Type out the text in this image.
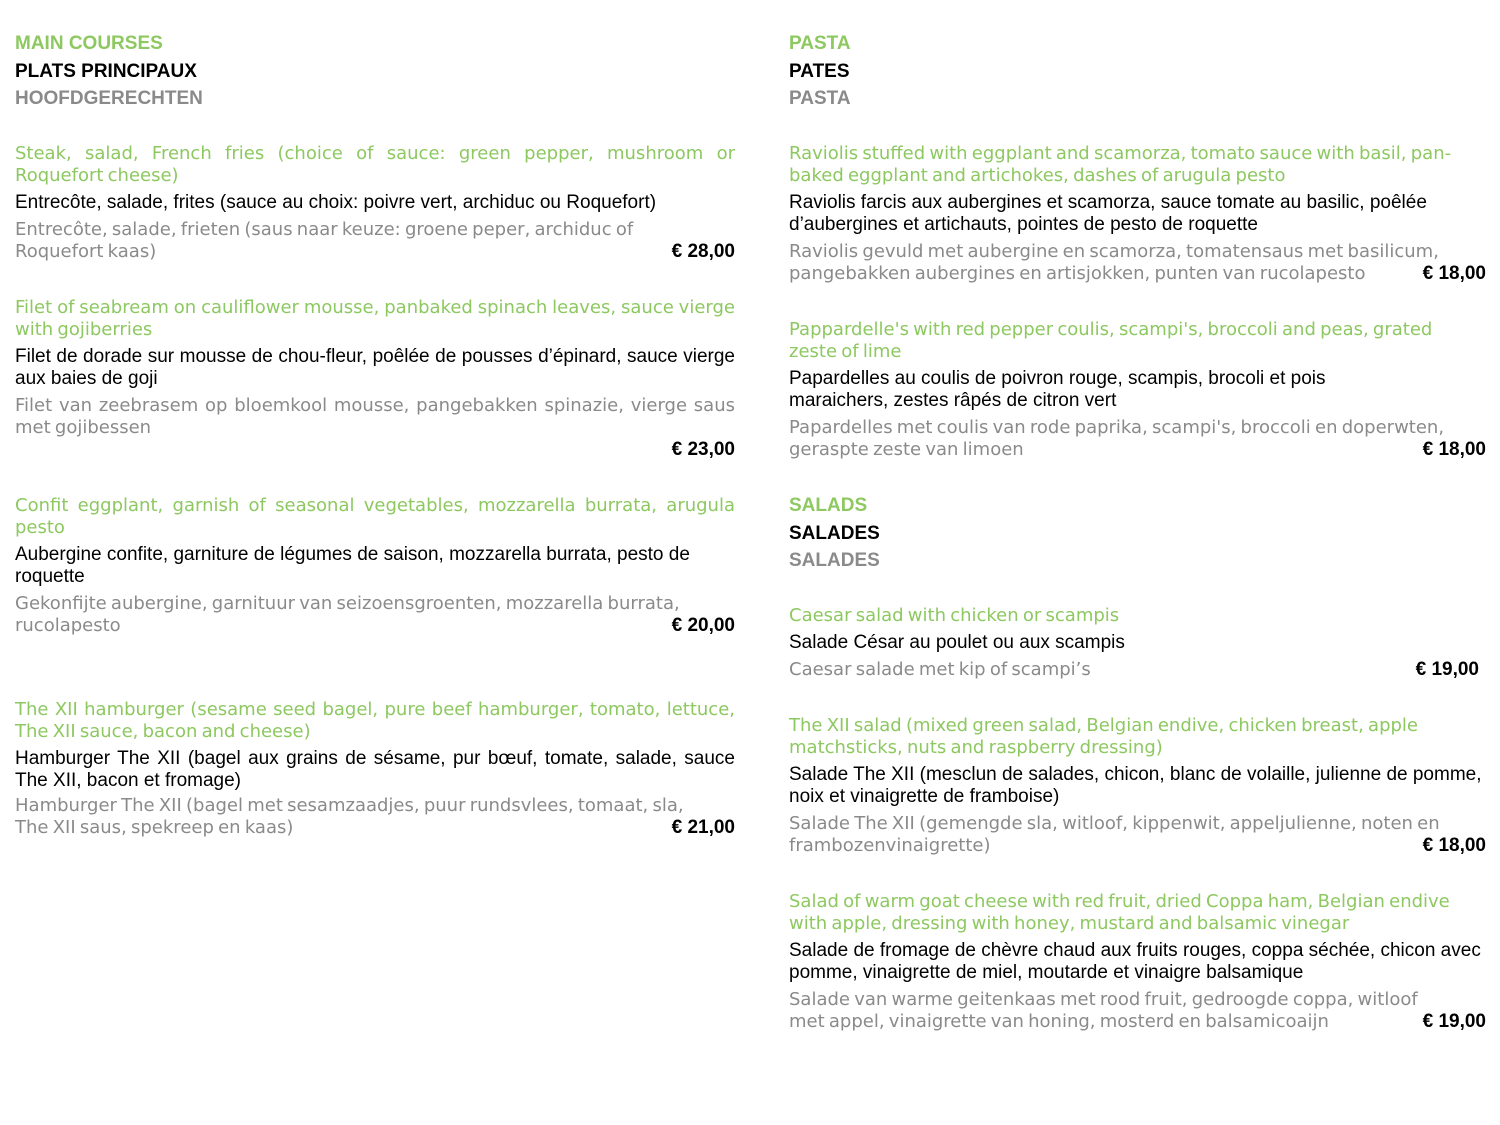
MAIN COURSES
PLATS PRINCIPAUX
HOOFDGERECHTEN
Steak, salad, French fries (choice of sauce: green pepper, mushroom or Roquefort cheese)
Entrecôte, salade, frites (sauce au choix: poivre vert, archiduc ou Roquefort)
Entrecôte, salade, frieten (saus naar keuze: groene peper, archiduc of Roquefort kaas)	€ 28,00
Filet of seabream on cauliflower mousse, panbaked spinach leaves, sauce vierge with gojiberries
Filet de dorade sur mousse de chou-fleur, poêlée de pousses d’épinard, sauce vierge aux baies de goji
Filet van zeebrasem op bloemkool mousse, pangebakken spinazie, vierge saus met gojibessen
€ 23,00
Confit eggplant, garnish of seasonal vegetables, mozzarella burrata, arugula pesto
Aubergine confite, garniture de légumes de saison, mozzarella burrata, pesto de roquette
Gekonfijte aubergine, garnituur van seizoensgroenten, mozzarella burrata, rucolapesto	€ 20,00
The XII hamburger (sesame seed bagel, pure beef hamburger, tomato, lettuce, The XII sauce, bacon and cheese)
Hamburger The XII (bagel aux grains de sésame, pur bœuf, tomate, salade, sauce The XII, bacon et fromage)
Hamburger The XII (bagel met sesamzaadjes, puur rundsvlees, tomaat, sla, The XII saus, spekreep en kaas)	€ 21,00
PASTA
PATES
PASTA
Raviolis stuffed with eggplant and scamorza, tomato sauce with basil, pan-baked eggplant and artichokes, dashes of arugula pesto
Raviolis farcis aux aubergines et scamorza, sauce tomate au basilic, poêlée d’aubergines et artichauts, pointes de pesto de roquette
Raviolis gevuld met aubergine en scamorza, tomatensaus met basilicum, pangebakken aubergines en artisjokken, punten van rucolapesto	€ 18,00
Pappardelle's with red pepper coulis, scampi's, broccoli and peas, grated zeste of lime
Papardelles au coulis de poivron rouge, scampis, brocoli et pois maraichers, zestes râpés de citron vert
Papardelles met coulis van rode paprika, scampi's, broccoli en doperwten, geraspte zeste van limoen	€ 18,00
SALADS
SALADES
SALADES
Caesar salad with chicken or scampis
Salade César au poulet ou aux scampis
Caesar salade met kip of scampi’s	€ 19,00
The XII salad (mixed green salad, Belgian endive, chicken breast, apple matchsticks, nuts and raspberry dressing)
Salade The XII (mesclun de salades, chicon, blanc de volaille, julienne de pomme, noix et vinaigrette de framboise)
Salade The XII (gemengde sla, witloof, kippenwit, appeljulienne, noten en frambozenvinaigrette)	€ 18,00
Salad of warm goat cheese with red fruit, dried Coppa ham, Belgian endive with apple, dressing with honey, mustard and balsamic vinegar
Salade de fromage de chèvre chaud aux fruits rouges, coppa séchée, chicon avec pomme, vinaigrette de miel, moutarde et vinaigre balsamique
Salade van warme geitenkaas met rood fruit, gedroogde coppa, witloof met appel, vinaigrette van honing, mosterd en balsamicoaijn	€ 19,00
